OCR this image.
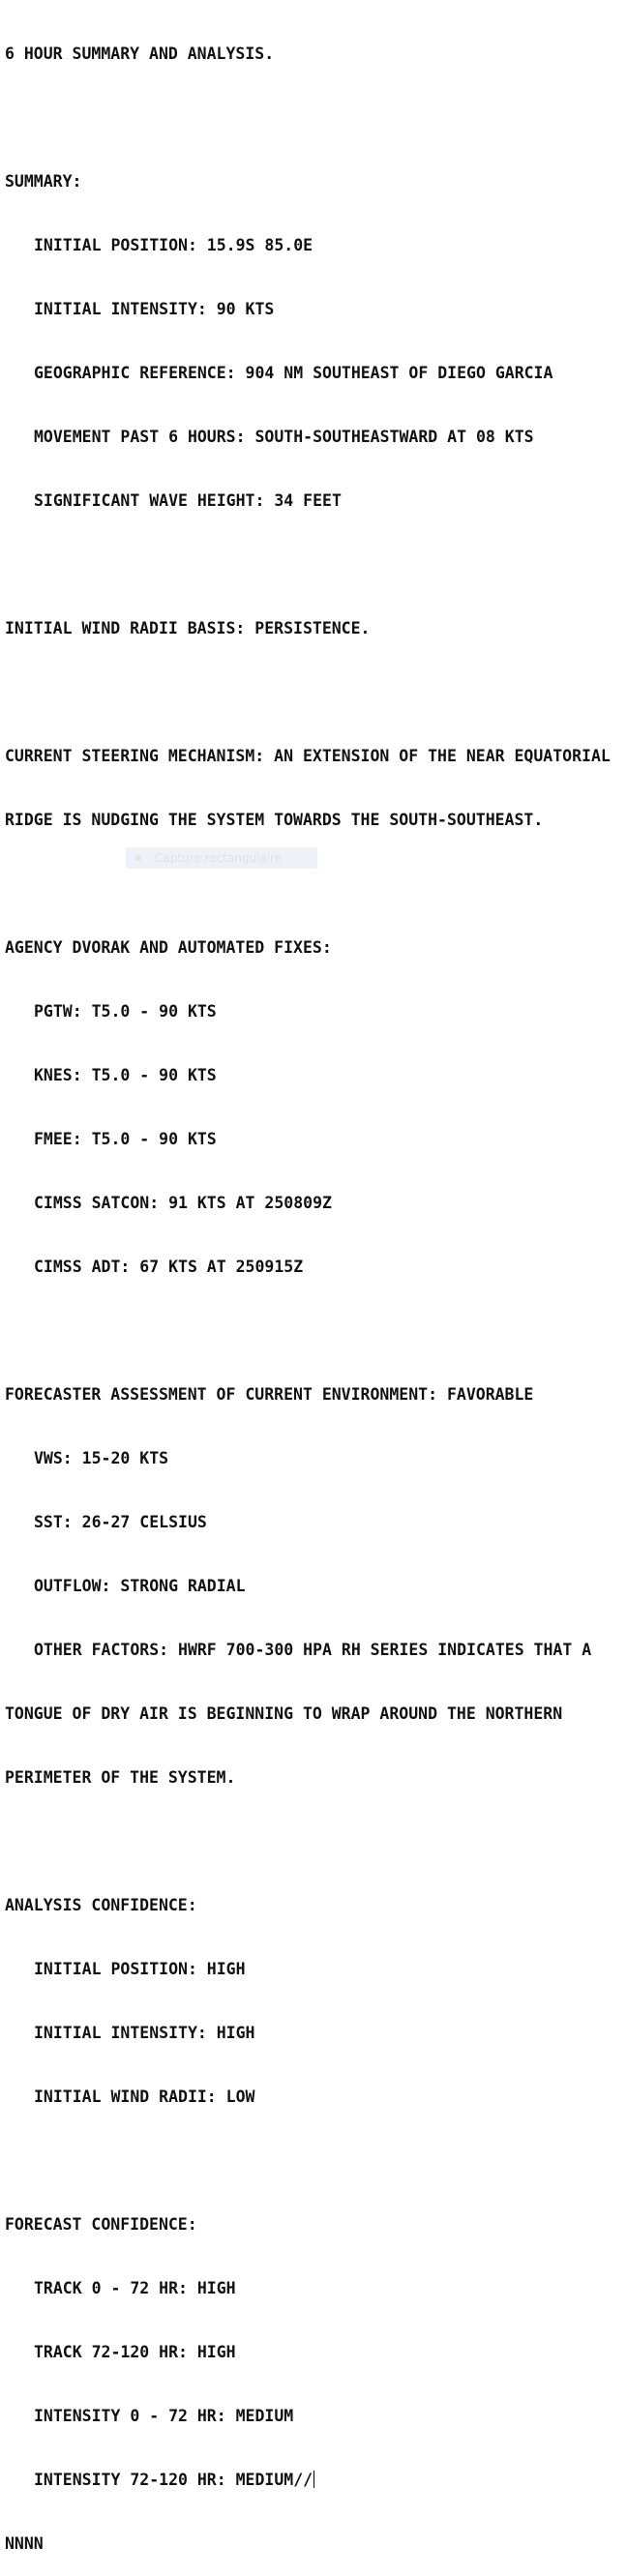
6 HOUR SUMMARY AND ANALYSIS.

SUMMARY:

INITIAL POSITION: 15.9S 85.0E

INITIAL INTENSITY: 90 KTS

GEOGRAPHIC REFERENCE: 904 NM SOUTHEAST OF DIEGO GARCIA

MOVEMENT PAST 6 HOURS: SOUTH-SOUTHEASTWARD AT 08 KTS

SIGNIFICANT WAVE HEIGHT: 34 FEET

INITIAL WIND RADII BASIS: PERSISTENCE.

CURRENT STEERING MECHANISM: AN EXTENSION OF THE NEAR EQUATORIAL

RIDGE IS NUDGING THE SYSTEM TOWARDS THE SOUTH-SOUTHEAST.

AGENCY DVORAK AND AUTOMATED FIXES:

PGTW: T5.0 - 90 KTS

KNES: T5.0 - 90 KTS

FMEE: T5.0 - 90 KTS

CIMSS SATCON: 91 KTS AT 250809Z

CIMSS ADT: 67 KTS AT 250915Z

FORECASTER ASSESSMENT OF CURRENT ENVIRONMENT: FAVORABLE

VWS: 15-20 KTS

SST: 26-27 CELSIUS

OUTFLOW: STRONG RADIAL

OTHER FACTORS: HWRF 700-300 HPA RH SERIES INDICATES THAT A

TONGUE OF DRY AIR IS BEGINNING TO WRAP AROUND THE NORTHERN

PERIMETER OF THE SYSTEM.

ANALYSIS CONFIDENCE:

INITIAL POSITION: HIGH

INITIAL INTENSITY: HIGH

INITIAL WIND RADII: LOW

FORECAST CONFIDENCE:

TRACK 0 - 72 HR: HIGH

TRACK 72-120 HR: HIGH

INTENSITY 0 - 72 HR: MEDIUM

INTENSITY 72-120 HR: MEDIUM//

NNNN

Capture rectangulaire
